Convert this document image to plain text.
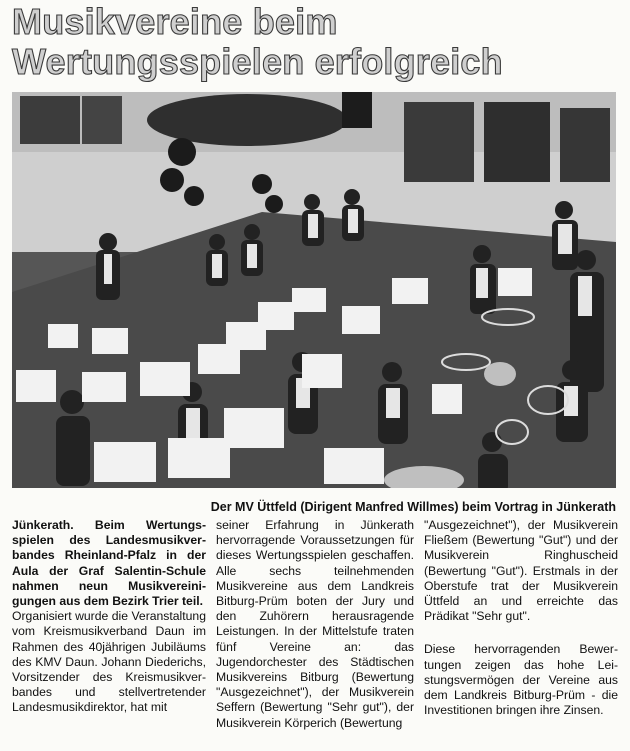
Musikvereine beim
Wertungsspielen erfolgreich
Der MV Üttfeld (Dirigent Manfred Willmes) beim Vortrag in Jünkerath

Jünkerath. Beim Wertungsspielen des Landesmusikverbandes Rheinland-Pfalz in der Aula der Graf Salentin-Schule nahmen neun Musikvereinigungen aus dem Bezirk Trier teil.

Organisiert wurde die Veranstaltung vom Kreismusikverband Daun im Rahmen des 40jährigen Jubiläums des KMV Daun. Johann Diederichs, Vorsitzender des Kreismusikverbandes und stellvertretender Landesmusikdirektor, hat mit

seiner Erfahrung in Jünkerath hervorragende Voraussetzungen für dieses Wertungsspielen geschaffen. Alle sechs teilnehmenden Musikvereine aus dem Landkreis Bitburg-Prüm boten der Jury und den Zuhörern herausragende Leistungen. In der Mittelstufe traten fünf Vereine an: das Jugendorchester des Städtischen Musikvereins Bitburg (Bewertung "Ausgezeichnet"), der Musikverein Seffern (Bewertung "Sehr gut"), der Musikverein Körperich (Bewertung

"Ausgezeichnet"), der Musikverein Fließem (Bewertung "Gut") und der Musikverein Ringhuscheid (Bewertung "Gut"). Erstmals in der Oberstufe trat der Musikverein Üttfeld an und erreichte das Prädikat "Sehr gut".

Diese hervorragenden Bewertungen zeigen das hohe Leistungsvermögen der Vereine aus dem Landkreis Bitburg-Prüm - die Investitionen bringen ihre Zinsen.
